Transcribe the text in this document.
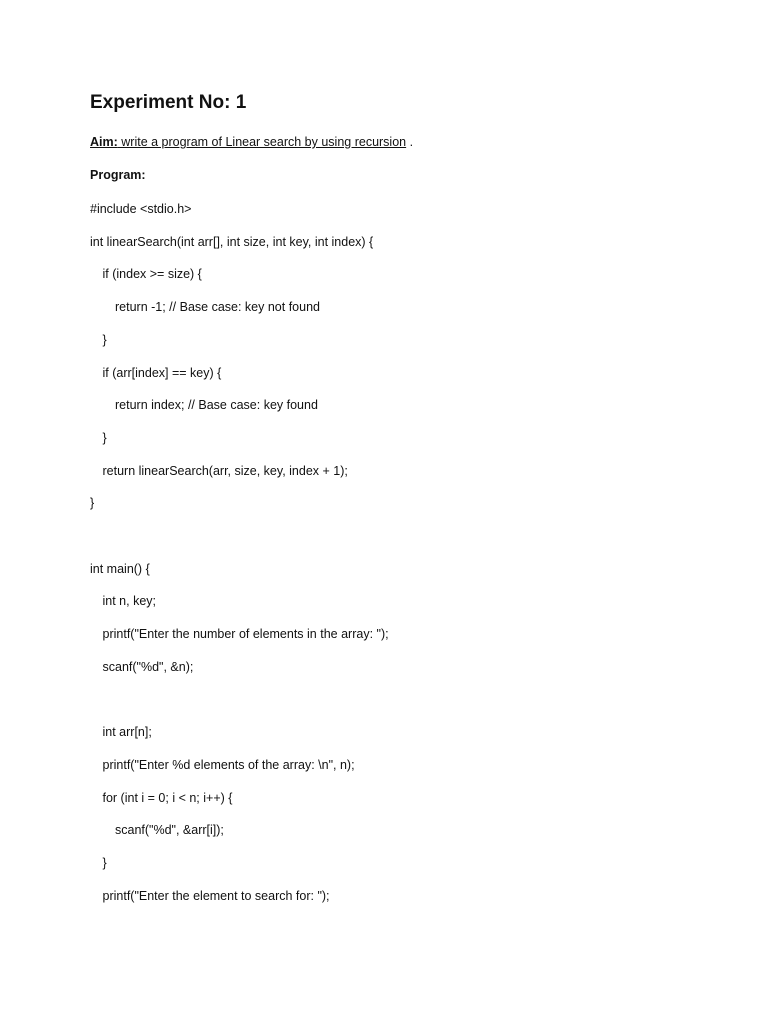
Experiment No: 1
Aim: write a program of Linear search by using recursion .
Program:
#include <stdio.h>
int linearSearch(int arr[], int size, int key, int index) {
if (index >= size) {
return -1; // Base case: key not found
}
if (arr[index] == key) {
return index; // Base case: key found
}
return linearSearch(arr, size, key, index + 1);
}
int main() {
int n, key;
printf("Enter the number of elements in the array: ");
scanf("%d", &n);
int arr[n];
printf("Enter %d elements of the array: \n", n);
for (int i = 0; i < n; i++) {
scanf("%d", &arr[i]);
}
printf("Enter the element to search for: ");
